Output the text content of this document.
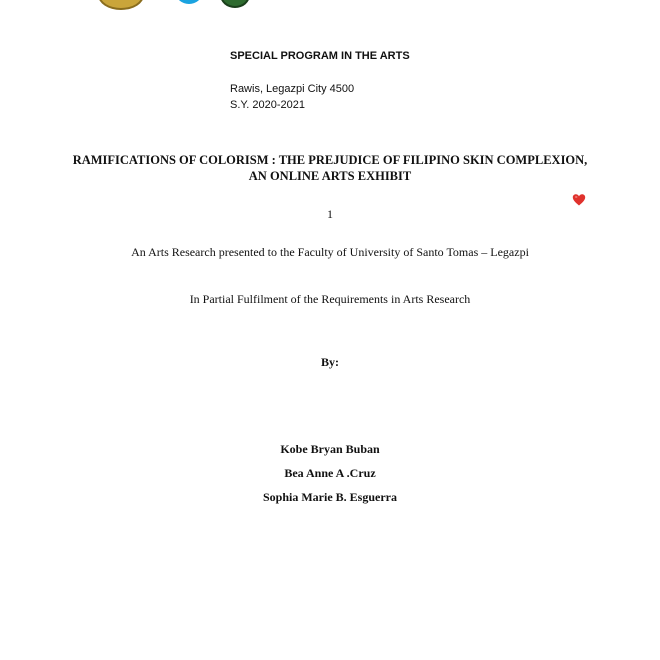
SPECIAL PROGRAM IN THE ARTS
Rawis, Legazpi City 4500
S.Y. 2020-2021
RAMIFICATIONS OF COLORISM : THE PREJUDICE OF FILIPINO SKIN COMPLEXION,
AN ONLINE ARTS EXHIBIT
1
An Arts Research presented to the Faculty of University of Santo Tomas – Legazpi
In Partial Fulfilment of the Requirements in Arts Research
By:
Kobe Bryan Buban
Bea Anne A .Cruz
Sophia Marie B. Esguerra
